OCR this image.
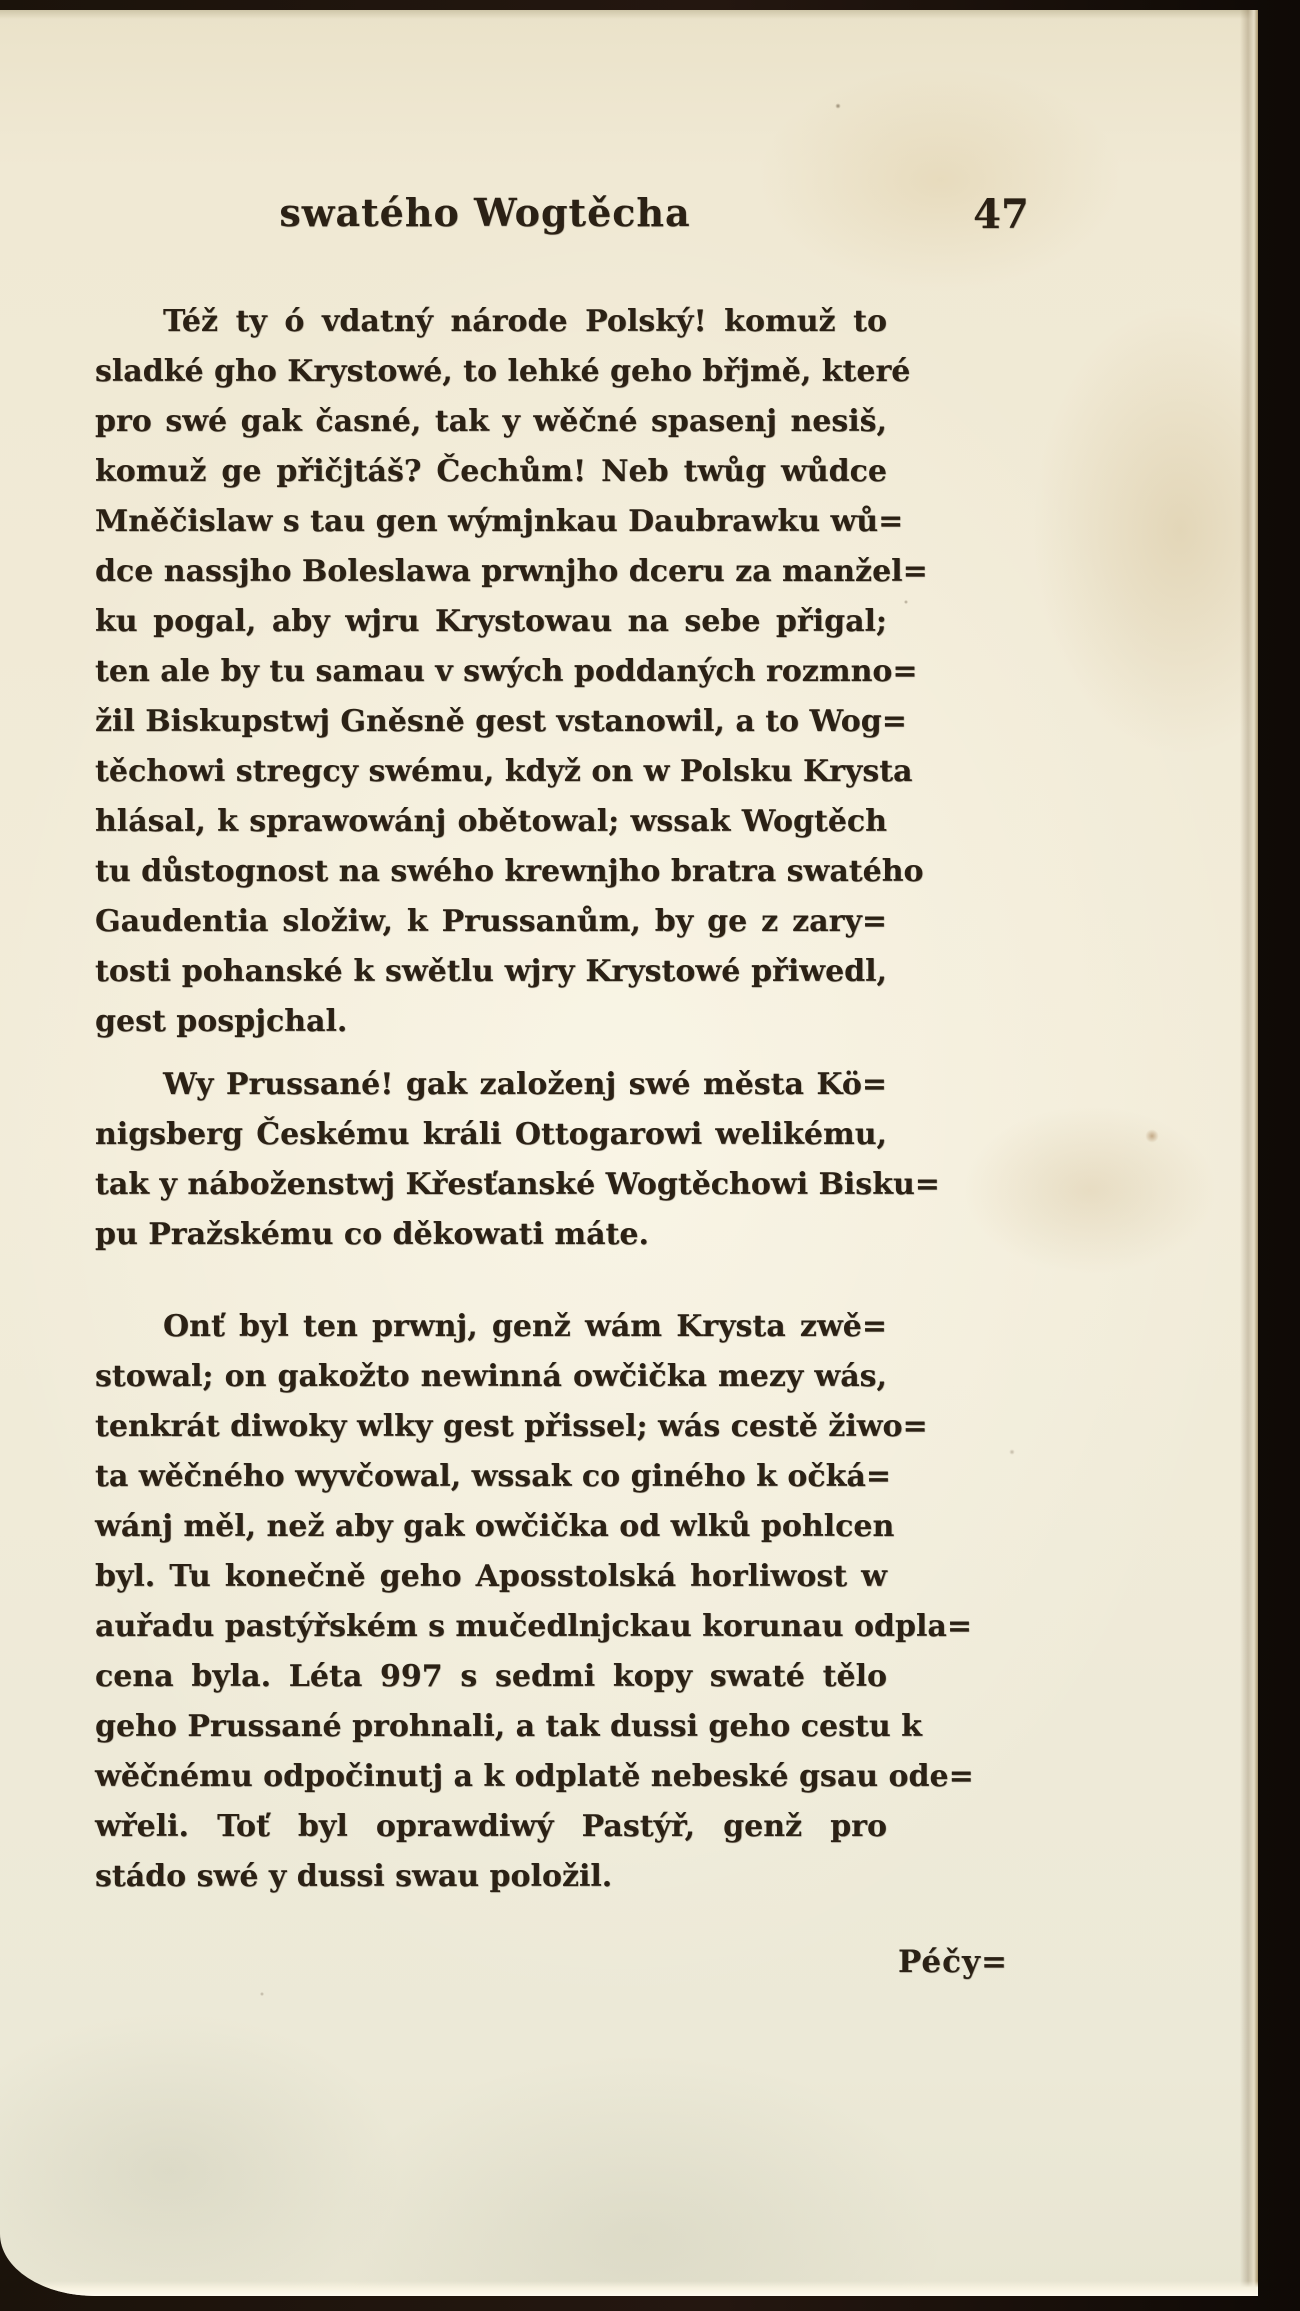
swatého Wogtěcha	47
Též ty ó vdatný národe Polský! komuž to
sladké gho Krystowé, to lehké geho břjmě, které
pro swé gak časné, tak y wěčné spasenj nesiš,
komuž ge přičjtáš? Čechům! Neb twůg wůdce
Mněčislaw s tau gen wýmjnkau Daubrawku wů=
dce nassjho Boleslawa prwnjho dceru za manžel=
ku pogal, aby wjru Krystowau na sebe přigal;
ten ale by tu samau v swých poddaných rozmno=
žil Biskupstwj Gněsně gest vstanowil, a to Wog=
těchowi stregcy swému, když on w Polsku Krysta
hlásal, k sprawowánj obětowal; wssak Wogtěch
tu důstognost na swého krewnjho bratra swatého
Gaudentia složiw, k Prussanům, by ge z zary=
tosti pohanské k swětlu wjry Krystowé přiwedl,
gest pospjchal.
Wy Prussané! gak založenj swé města Kö=
nigsberg Českému králi Ottogarowi welikému,
tak y náboženstwj Křesťanské Wogtěchowi Bisku=
pu Pražskému co děkowati máte.
Onť byl ten prwnj, genž wám Krysta zwě=
stowal; on gakožto newinná owčička mezy wás,
tenkrát diwoky wlky gest přissel; wás cestě žiwo=
ta wěčného wyvčowal, wssak co giného k očká=
wánj měl, než aby gak owčička od wlků pohlcen
byl. Tu konečně geho Aposstolská horliwost w
auřadu pastýřském s mučedlnjckau korunau odpla=
cena byla. Léta 997 s sedmi kopy swaté tělo
geho Prussané prohnali, a tak dussi geho cestu k
wěčnému odpočinutj a k odplatě nebeské gsau ode=
wřeli. Toť byl oprawdiwý Pastýř, genž pro
stádo swé y dussi swau položil.
Péčy=
